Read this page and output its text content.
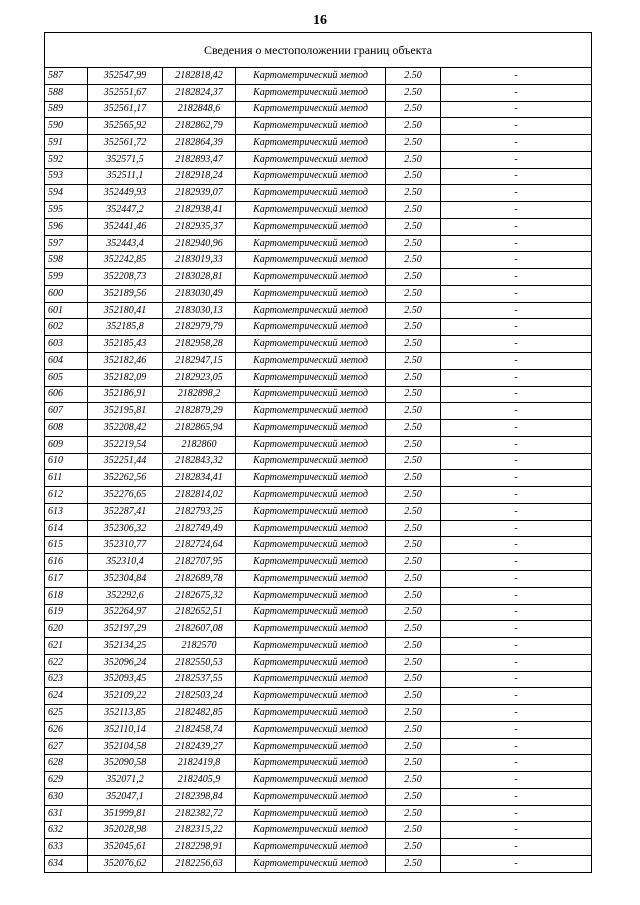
16
Сведения о местоположении границ объекта					
587	352547,99	2182818,42	Картометрический метод	2.50	-
588	352551,67	2182824,37	Картометрический метод	2.50	-
589	352561,17	2182848,6	Картометрический метод	2.50	-
590	352565,92	2182862,79	Картометрический метод	2.50	-
591	352561,72	2182864,39	Картометрический метод	2.50	-
592	352571,5	2182893,47	Картометрический метод	2.50	-
593	352511,1	2182918,24	Картометрический метод	2.50	-
594	352449,93	2182939,07	Картометрический метод	2.50	-
595	352447,2	2182938,41	Картометрический метод	2.50	-
596	352441,46	2182935,37	Картометрический метод	2.50	-
597	352443,4	2182940,96	Картометрический метод	2.50	-
598	352242,85	2183019,33	Картометрический метод	2.50	-
599	352208,73	2183028,81	Картометрический метод	2.50	-
600	352189,56	2183030,49	Картометрический метод	2.50	-
601	352180,41	2183030,13	Картометрический метод	2.50	-
602	352185,8	2182979,79	Картометрический метод	2.50	-
603	352185,43	2182958,28	Картометрический метод	2.50	-
604	352182,46	2182947,15	Картометрический метод	2.50	-
605	352182,09	2182923,05	Картометрический метод	2.50	-
606	352186,91	2182898,2	Картометрический метод	2.50	-
607	352195,81	2182879,29	Картометрический метод	2.50	-
608	352208,42	2182865,94	Картометрический метод	2.50	-
609	352219,54	2182860	Картометрический метод	2.50	-
610	352251,44	2182843,32	Картометрический метод	2.50	-
611	352262,56	2182834,41	Картометрический метод	2.50	-
612	352276,65	2182814,02	Картометрический метод	2.50	-
613	352287,41	2182793,25	Картометрический метод	2.50	-
614	352306,32	2182749,49	Картометрический метод	2.50	-
615	352310,77	2182724,64	Картометрический метод	2.50	-
616	352310,4	2182707,95	Картометрический метод	2.50	-
617	352304,84	2182689,78	Картометрический метод	2.50	-
618	352292,6	2182675,32	Картометрический метод	2.50	-
619	352264,97	2182652,51	Картометрический метод	2.50	-
620	352197,29	2182607,08	Картометрический метод	2.50	-
621	352134,25	2182570	Картометрический метод	2.50	-
622	352096,24	2182550,53	Картометрический метод	2.50	-
623	352093,45	2182537,55	Картометрический метод	2.50	-
624	352109,22	2182503,24	Картометрический метод	2.50	-
625	352113,85	2182482,85	Картометрический метод	2.50	-
626	352110,14	2182458,74	Картометрический метод	2.50	-
627	352104,58	2182439,27	Картометрический метод	2.50	-
628	352090,58	2182419,8	Картометрический метод	2.50	-
629	352071,2	2182405,9	Картометрический метод	2.50	-
630	352047,1	2182398,84	Картометрический метод	2.50	-
631	351999,81	2182382,72	Картометрический метод	2.50	-
632	352028,98	2182315,22	Картометрический метод	2.50	-
633	352045,61	2182298,91	Картометрический метод	2.50	-
634	352076,62	2182256,63	Картометрический метод	2.50	-
